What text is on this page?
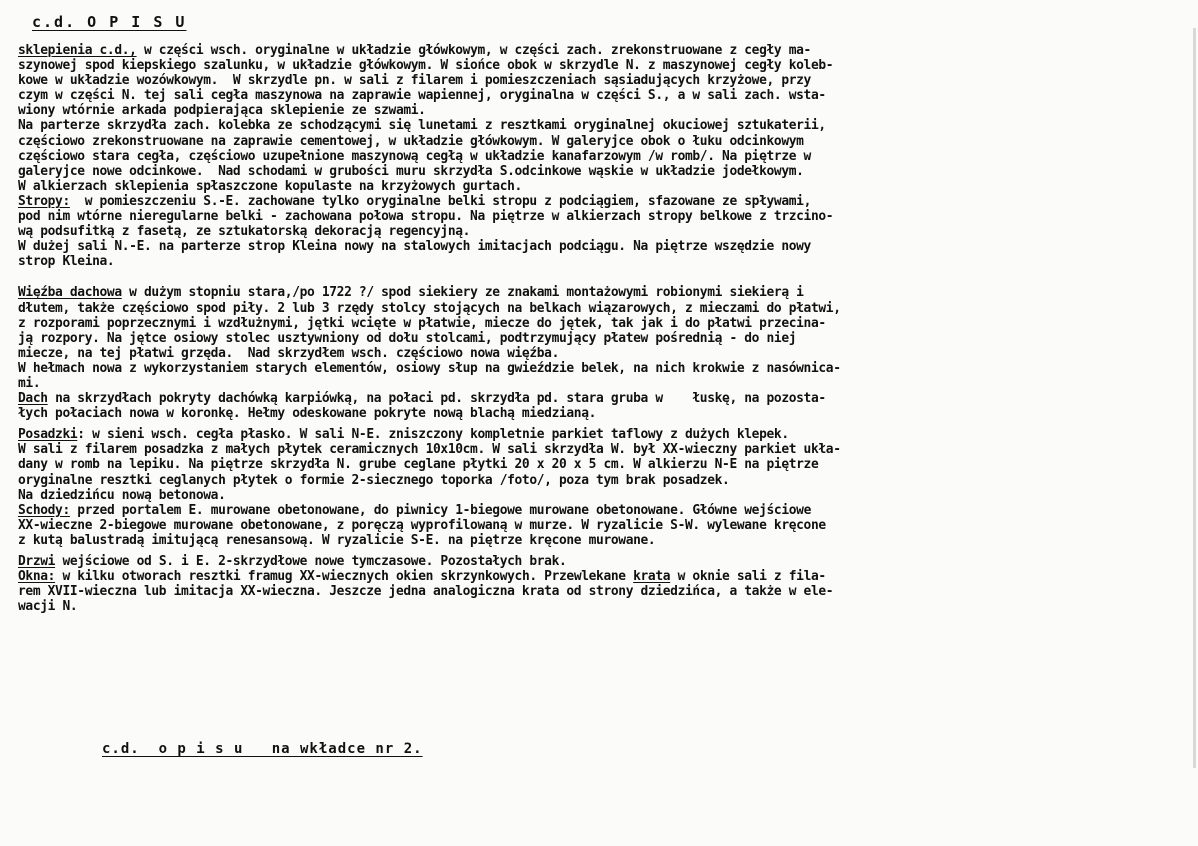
c.d. O P I S U
sklepienia c.d., w części wsch. oryginalne w układzie główkowym, w części zach. zrekonstruowane z cegły ma-
szynowej spod kiepskiego szalunku, w układzie główkowym. W siońce obok w skrzydle N. z maszynowej cegły koleb-
kowe w układzie wozówkowym.  W skrzydle pn. w sali z filarem i pomieszczeniach sąsiadujących krzyżowe, przy
czym w części N. tej sali cegła maszynowa na zaprawie wapiennej, oryginalna w części S., a w sali zach. wsta-
wiony wtórnie arkada podpierająca sklepienie ze szwami.
Na parterze skrzydła zach. kolebka ze schodzącymi się lunetami z resztkami oryginalnej okuciowej sztukaterii,
częściowo zrekonstruowane na zaprawie cementowej, w układzie główkowym. W galeryjce obok o łuku odcinkowym
częściowo stara cegła, częściowo uzupełnione maszynową cegłą w układzie kanafarzowym /w romb/. Na piętrze w
galeryjce nowe odcinkowe.  Nad schodami w grubości muru skrzydła S.odcinkowe wąskie w układzie jodełkowym.
W alkierzach sklepienia spłaszczone kopulaste na krzyżowych gurtach.
Stropy:  w pomieszczeniu S.-E. zachowane tylko oryginalne belki stropu z podciągiem, sfazowane ze spływami,
pod nim wtórne nieregularne belki - zachowana połowa stropu. Na piętrze w alkierzach stropy belkowe z trzcino-
wą podsufitką z fasetą, ze sztukatorską dekoracją regencyjną.
W dużej sali N.-E. na parterze strop Kleina nowy na stalowych imitacjach podciągu. Na piętrze wszędzie nowy
strop Kleina.
Więźba dachowa w dużym stopniu stara,/po 1722 ?/ spod siekiery ze znakami montażowymi robionymi siekierą i
dłutem, także częściowo spod piły. 2 lub 3 rzędy stolcy stojących na belkach wiązarowych, z mieczami do płatwi,
z rozporami poprzecznymi i wzdłużnymi, jętki wcięte w płatwie, miecze do jętek, tak jak i do płatwi przecina-
ją rozpory. Na jętce osiowy stolec usztywniony od dołu stolcami, podtrzymujący płatew pośrednią - do niej
miecze, na tej płatwi grzęda.  Nad skrzydłem wsch. częściowo nowa więźba.
W hełmach nowa z wykorzystaniem starych elementów, osiowy słup na gwieździe belek, na nich krokwie z nasównica-
mi.
Dach na skrzydłach pokryty dachówką karpiówką, na połaci pd. skrzydła pd. stara gruba w    łuskę, na pozosta-
łych połaciach nowa w koronkę. Hełmy odeskowane pokryte nową blachą miedzianą.
Posadzki: w sieni wsch. cegła płasko. W sali N-E. zniszczony kompletnie parkiet taflowy z dużych klepek.
W sali z filarem posadzka z małych płytek ceramicznych 10x10cm. W sali skrzydła W. był XX-wieczny parkiet ukła-
dany w romb na lepiku. Na piętrze skrzydła N. grube ceglane płytki 20 x 20 x 5 cm. W alkierzu N-E na piętrze
oryginalne resztki ceglanych płytek o formie 2-siecznego toporka /foto/, poza tym brak posadzek.
Na dziedzińcu nową betonowa.
Schody: przed portalem E. murowane obetonowane, do piwnicy 1-biegowe murowane obetonowane. Główne wejściowe
XX-wieczne 2-biegowe murowane obetonowane, z poręczą wyprofilowaną w murze. W ryzalicie S-W. wylewane kręcone
z kutą balustradą imitującą renesansową. W ryzalicie S-E. na piętrze kręcone murowane.
Drzwi wejściowe od S. i E. 2-skrzydłowe nowe tymczasowe. Pozostałych brak.
Okna: w kilku otworach resztki framug XX-wiecznych okien skrzynkowych. Przewlekane krata w oknie sali z fila-
rem XVII-wieczna lub imitacja XX-wieczna. Jeszcze jedna analogiczna krata od strony dziedzińca, a także w ele-
wacji N.
c.d.  o p i s u   na wkładce nr 2.
